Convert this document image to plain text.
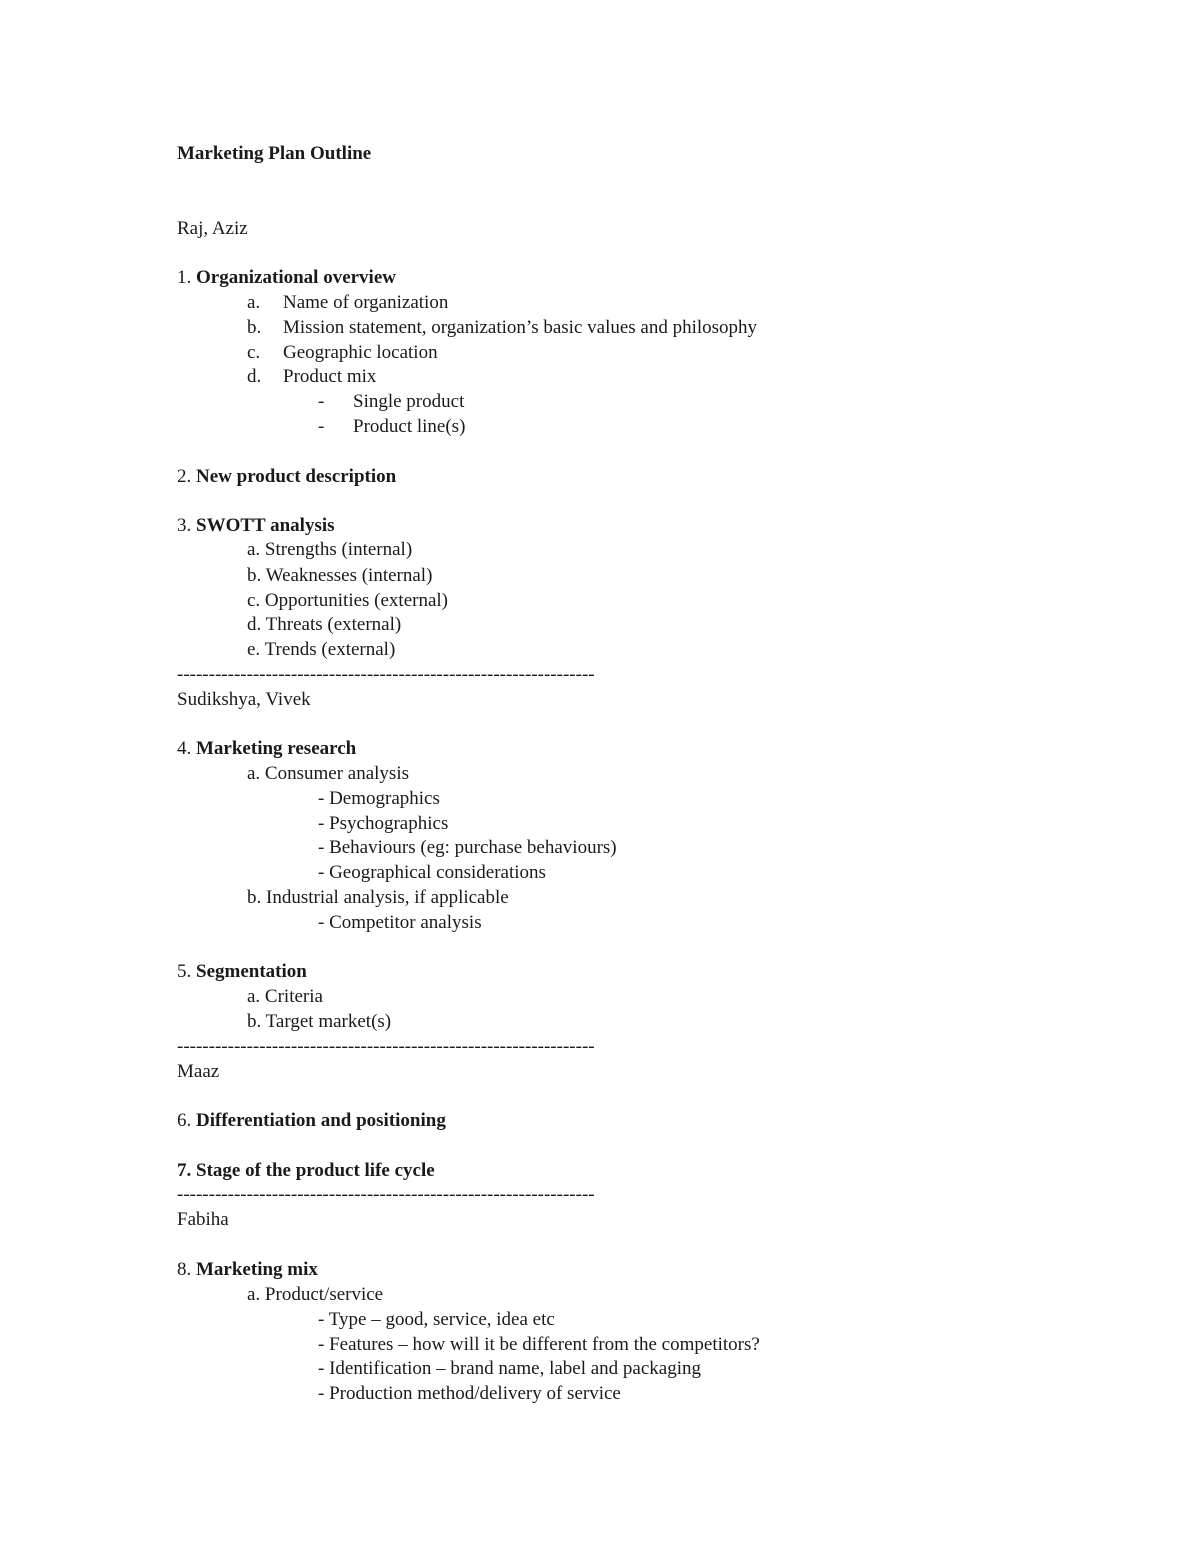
Marketing Plan Outline
Raj, Aziz
1. Organizational overview
a. Name of organization
b. Mission statement, organization’s basic values and philosophy
c. Geographic location
d. Product mix
- Single product
- Product line(s)
2. New product description
3. SWOTT analysis
a. Strengths (internal)
b. Weaknesses (internal)
c. Opportunities (external)
d. Threats (external)
e. Trends (external)
------------------------------------------------------------------
Sudikshya, Vivek
4. Marketing research
a. Consumer analysis
- Demographics
- Psychographics
- Behaviours (eg: purchase behaviours)
- Geographical considerations
b. Industrial analysis, if applicable
- Competitor analysis
5. Segmentation
a. Criteria
b. Target market(s)
------------------------------------------------------------------
Maaz
6. Differentiation and positioning
7. Stage of the product life cycle
------------------------------------------------------------------
Fabiha
8. Marketing mix
a. Product/service
- Type – good, service, idea etc
- Features – how will it be different from the competitors?
- Identification – brand name, label and packaging
- Production method/delivery of service
